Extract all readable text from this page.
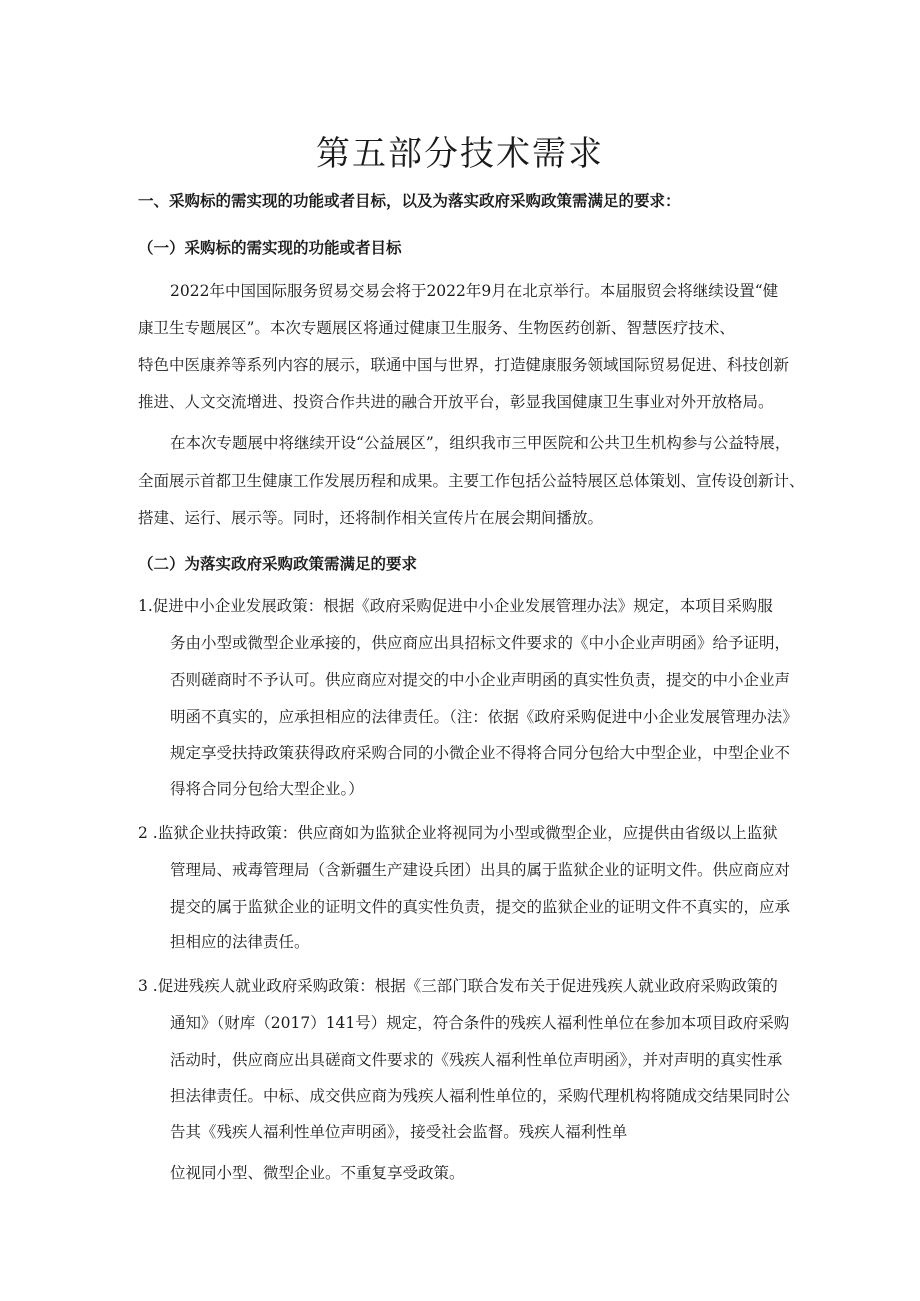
第五部分技术需求
一、采购标的需实现的功能或者目标，以及为落实政府采购政策需满足的要求：
（一）采购标的需实现的功能或者目标
2022年中国国际服务贸易交易会将于2022年9月在北京举行。本届服贸会将继续设置“健
康卫生专题展区”。本次专题展区将通过健康卫生服务、生物医药创新、智慧医疗技术、
特色中医康养等系列内容的展示，联通中国与世界，打造健康服务领域国际贸易促进、科技创新
推进、人文交流增进、投资合作共进的融合开放平台，彰显我国健康卫生事业对外开放格局。
在本次专题展中将继续开设“公益展区”，组织我市三甲医院和公共卫生机构参与公益特展，
全面展示首都卫生健康工作发展历程和成果。主要工作包括公益特展区总体策划、宣传设创新计、
搭建、运行、展示等。同时，还将制作相关宣传片在展会期间播放。
（二）为落实政府采购政策需满足的要求
1.促进中小企业发展政策：根据《政府采购促进中小企业发展管理办法》规定，本项目采购服
务由小型或微型企业承接的，供应商应出具招标文件要求的《中小企业声明函》给予证明，
否则磋商时不予认可。供应商应对提交的中小企业声明函的真实性负责，提交的中小企业声
明函不真实的，应承担相应的法律责任。（注：依据《政府采购促进中小企业发展管理办法》
规定享受扶持政策获得政府采购合同的小微企业不得将合同分包给大中型企业，中型企业不
得将合同分包给大型企业。）
2 .监狱企业扶持政策：供应商如为监狱企业将视同为小型或微型企业，应提供由省级以上监狱
管理局、戒毒管理局（含新疆生产建设兵团）出具的属于监狱企业的证明文件。供应商应对
提交的属于监狱企业的证明文件的真实性负责，提交的监狱企业的证明文件不真实的，应承
担相应的法律责任。
3 .促进残疾人就业政府采购政策：根据《三部门联合发布关于促进残疾人就业政府采购政策的
通知》（财库（2017）141号）规定，符合条件的残疾人福利性单位在参加本项目政府采购
活动时，供应商应出具磋商文件要求的《残疾人福利性单位声明函》，并对声明的真实性承
担法律责任。中标、成交供应商为残疾人福利性单位的，采购代理机构将随成交结果同时公
告其《残疾人福利性单位声明函》，接受社会监督。残疾人福利性单
位视同小型、微型企业。不重复享受政策。
